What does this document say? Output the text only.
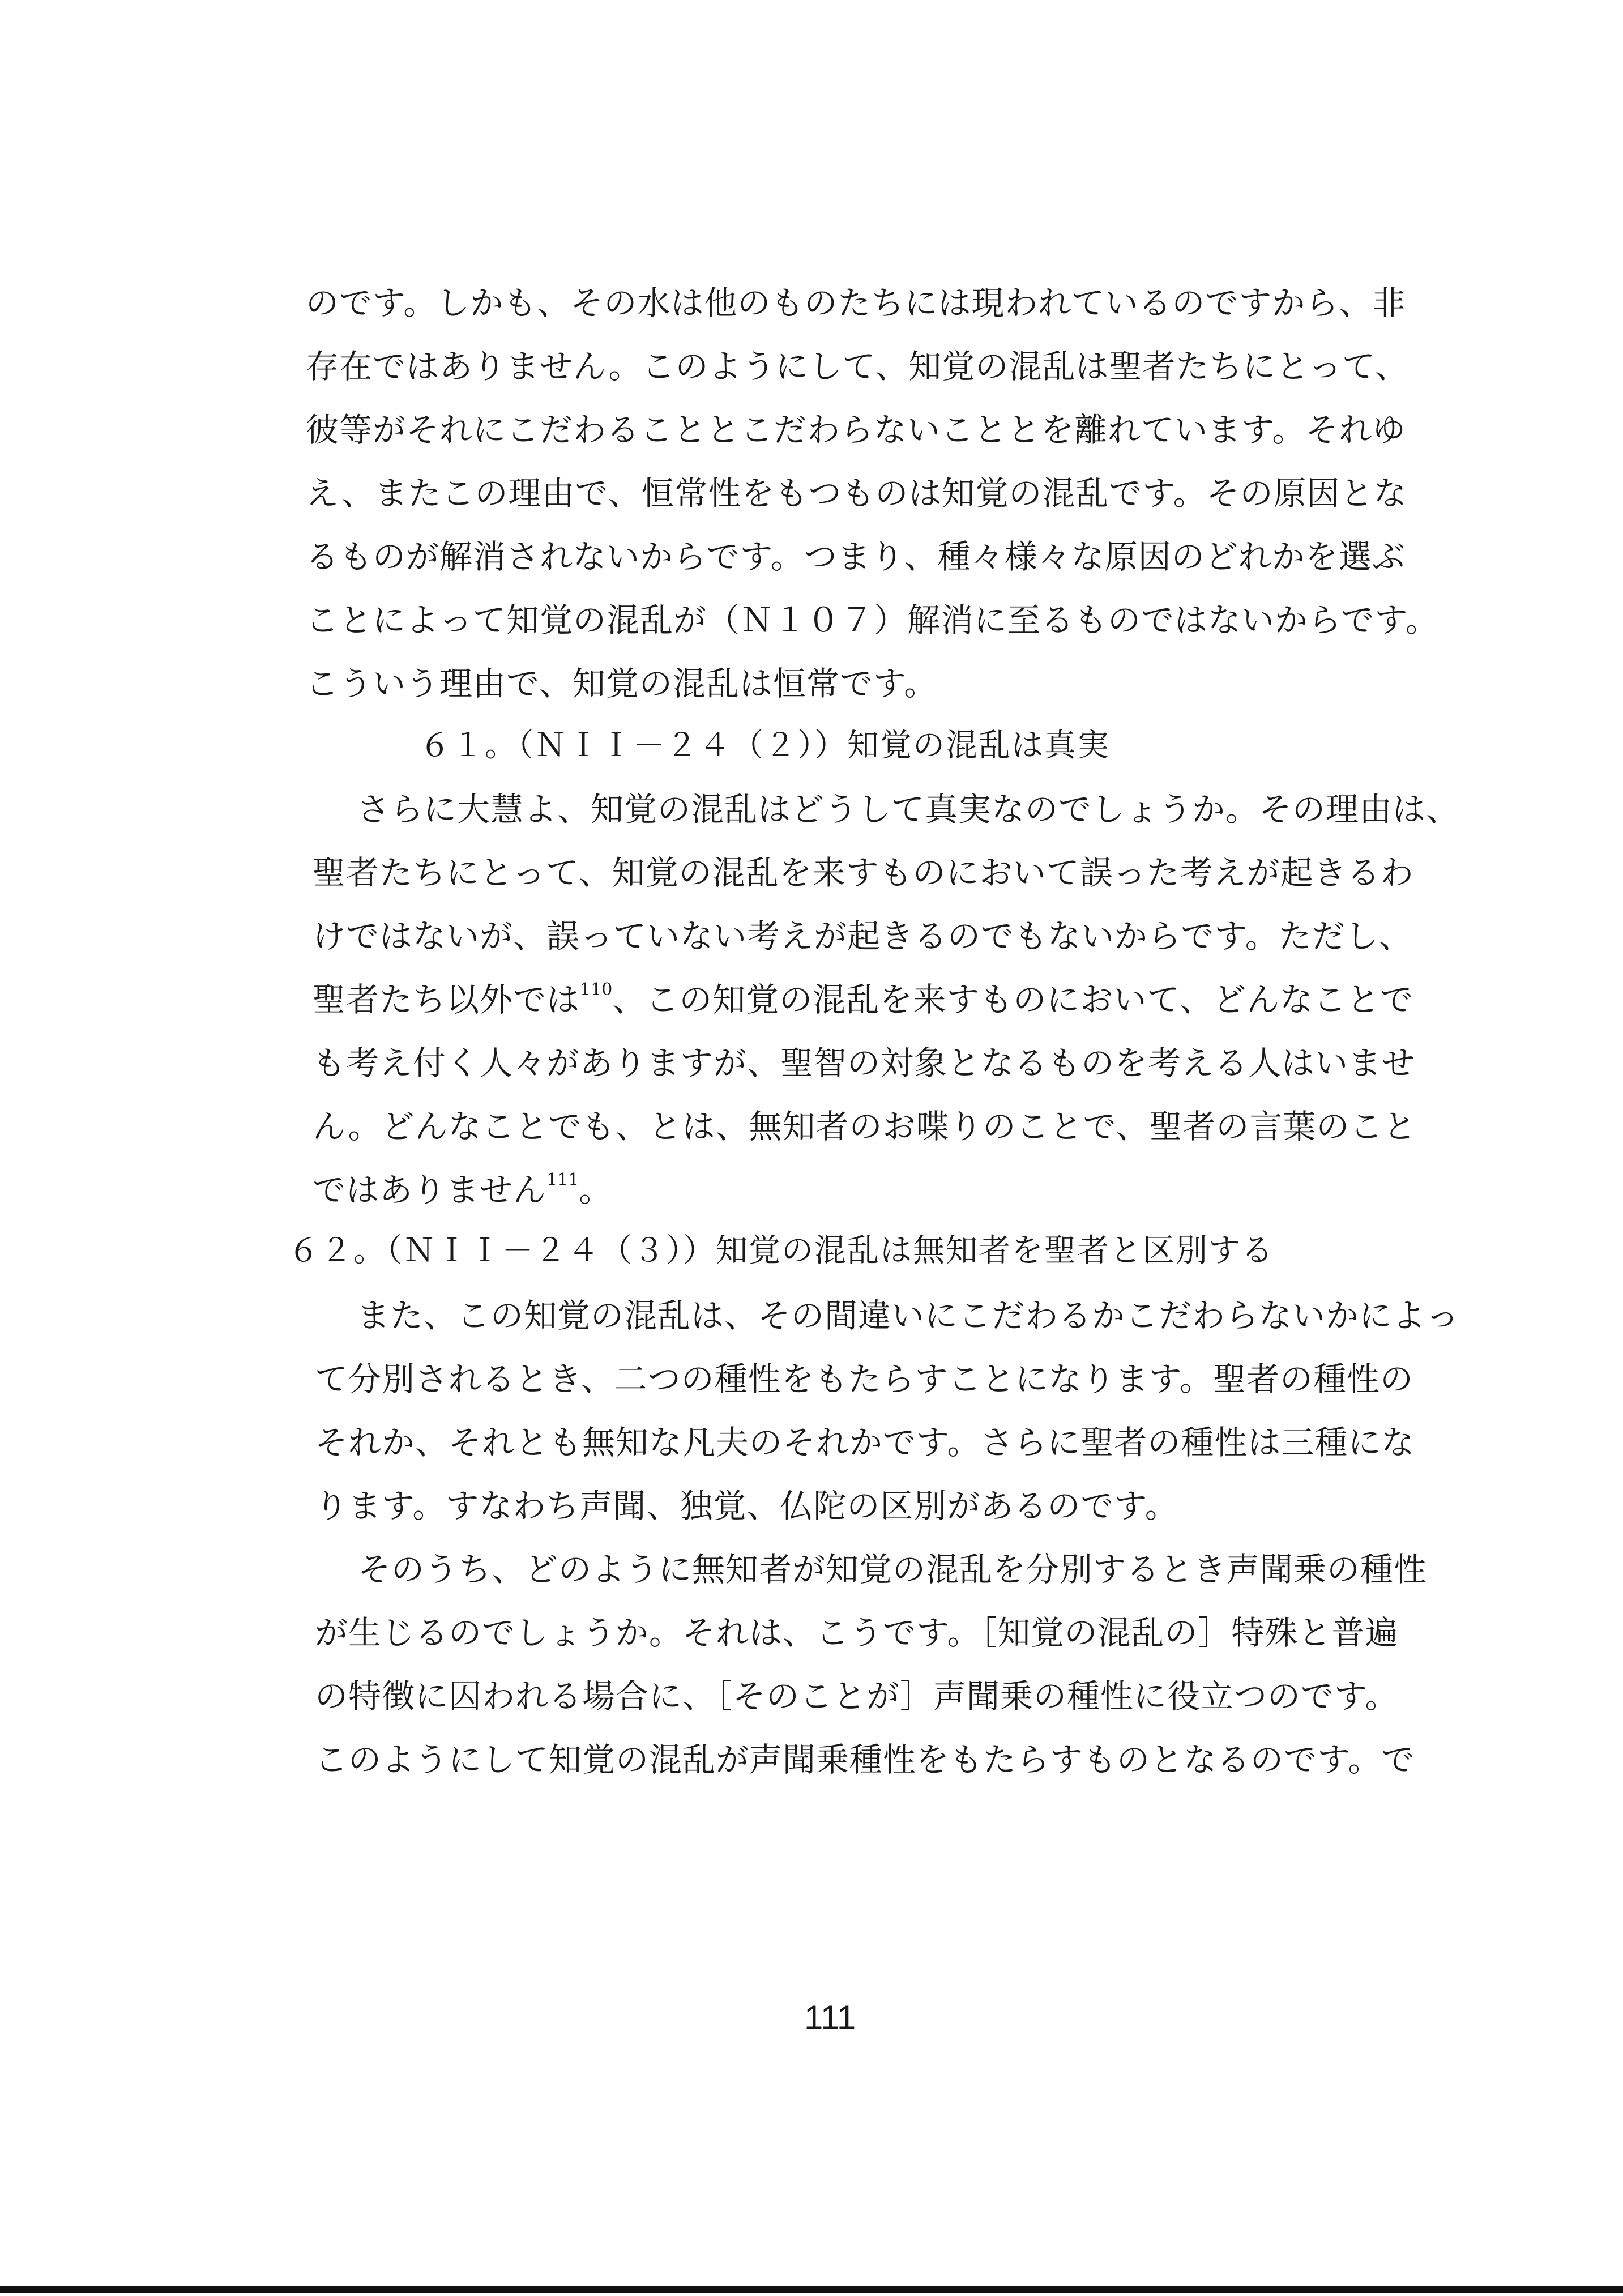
のです。しかも、その水は他のものたちには現われているのですから、非
存在ではありません。このようにして、知覚の混乱は聖者たちにとって、
彼等がそれにこだわることとこだわらないこととを離れています。それゆ
え、またこの理由で、恒常性をもつものは知覚の混乱です。その原因とな
るものが解消されないからです。つまり、種々様々な原因のどれかを選ぶ
ことによって知覚の混乱が（Ｎ１０７）解消に至るものではないからです。
こういう理由で、知覚の混乱は恒常です。
６１。（ＮＩＩ－２４（２））知覚の混乱は真実
さらに大慧よ、知覚の混乱はどうして真実なのでしょうか。その理由は、
聖者たちにとって、知覚の混乱を来すものにおいて誤った考えが起きるわ
けではないが、誤っていない考えが起きるのでもないからです。ただし、
聖者たち以外では$^{110}$、この知覚の混乱を来すものにおいて、どんなことで
も考え付く人々がありますが、聖智の対象となるものを考える人はいませ
ん。どんなことでも、とは、無知者のお喋りのことで、聖者の言葉のこと
ではありません$^{111}$。
６２。（ＮＩＩ－２４（３））知覚の混乱は無知者を聖者と区別する
また、この知覚の混乱は、その間違いにこだわるかこだわらないかによっ
て分別されるとき、二つの種性をもたらすことになります。聖者の種性の
それか、それとも無知な凡夫のそれかです。さらに聖者の種性は三種にな
ります。すなわち声聞、独覚、仏陀の区別があるのです。
そのうち、どのように無知者が知覚の混乱を分別するとき声聞乗の種性
が生じるのでしょうか。それは、こうです。［知覚の混乱の］特殊と普遍
の特徴に囚われる場合に、［そのことが］声聞乗の種性に役立つのです。
このようにして知覚の混乱が声聞乗種性をもたらすものとなるのです。で
111
